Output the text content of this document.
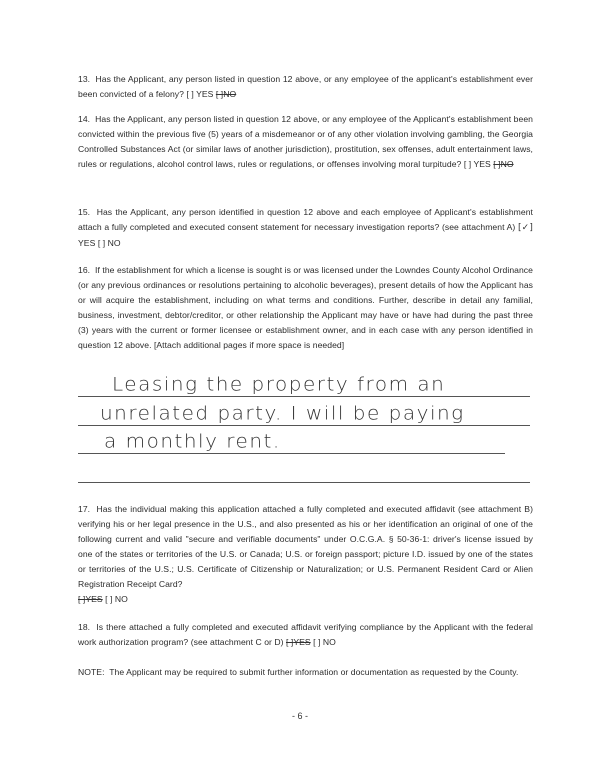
13. Has the Applicant, any person listed in question 12 above, or any employee of the applicant's establishment ever been convicted of a felony? [ ] YES [ ]NO
14. Has the Applicant, any person listed in question 12 above, or any employee of the Applicant's establishment been convicted within the previous five (5) years of a misdemeanor or of any other violation involving gambling, the Georgia Controlled Substances Act (or similar laws of another jurisdiction), prostitution, sex offenses, adult entertainment laws, rules or regulations, alcohol control laws, rules or regulations, or offenses involving moral turpitude? [ ] YES [ ]NO
15. Has the Applicant, any person identified in question 12 above and each employee of Applicant's establishment attach a fully completed and executed consent statement for necessary investigation reports? (see attachment A) [✓] YES [ ] NO
16. If the establishment for which a license is sought is or was licensed under the Lowndes County Alcohol Ordinance (or any previous ordinances or resolutions pertaining to alcoholic beverages), present details of how the Applicant has or will acquire the establishment, including on what terms and conditions. Further, describe in detail any familial, business, investment, debtor/creditor, or other relationship the Applicant may have or have had during the past three (3) years with the current or former licensee or establishment owner, and in each case with any person identified in question 12 above. [Attach additional pages if more space is needed]
Leasing the property from an
unrelated party. I will be paying
a monthly rent.
17. Has the individual making this application attached a fully completed and executed affidavit (see attachment B) verifying his or her legal presence in the U.S., and also presented as his or her identification an original of one of the following current and valid "secure and verifiable documents" under O.C.G.A. § 50-36-1: driver's license issued by one of the states or territories of the U.S. or Canada; U.S. or foreign passport; picture I.D. issued by one of the states or territories of the U.S.; U.S. Certificate of Citizenship or Naturalization; or U.S. Permanent Resident Card or Alien Registration Receipt Card?
[ ]YES [ ] NO
18. Is there attached a fully completed and executed affidavit verifying compliance by the Applicant with the federal work authorization program? (see attachment C or D) [ ]YES [ ] NO
NOTE: The Applicant may be required to submit further information or documentation as requested by the County.
- 6 -
